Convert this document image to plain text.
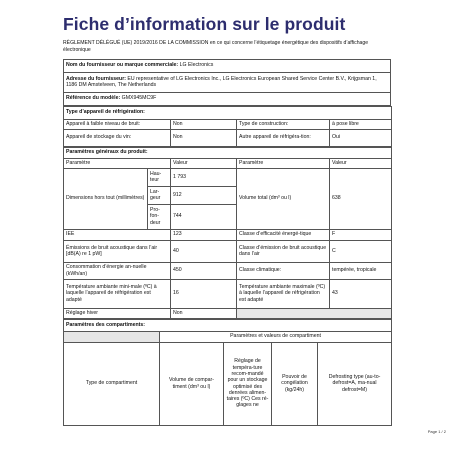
Fiche d’information sur le produit
RÈGLEMENT DÉLÉGUÉ (UE) 2019/2016 DE LA COMMISSION en ce qui concerne l’étiquetage énergétique des dispositifs d’affichage électronique
Nom du fournisseur ou marque commerciale: LG Electronics
Adresse du fournisseur: EU representative of LG Electronics Inc., LG Electronics European Shared Service Center B.V., Krijgsman 1, 1186 DM Amstelveen, The Netherlands
Référence du modèle: GMX945MC9F
Type d’appareil de réfrigération:			
Appareil à faible niveau de bruit:	Non	Type de construction:	à pose libre
Appareil de stockage du vin:	Non	Autre appareil de réfrigéra-tion:	Oui
Paramètres généraux du produit:				
Paramètre		Valeur	Paramètre	Valeur
Dimensions hors tout (millimètres)	Hau-teur	1 793	Volume total (dm³ ou l)	638
	Lar-geur	912		
	Pro-fon-deur	744		
IEE		123	Classe d’efficacité énergé-tique	F
Émissions de bruit acoustique dans l’air [dB(A) re 1 pW]		40	Classe d’émission de bruit acoustique dans l’air	C
Consommation d’énergie an-nuelle (kWh/an)		450	Classe climatique:	tempérée, tropicale
Température ambiante mini-male (ºC) à laquelle l’appareil de réfrigération est adapté		16	Température ambiante maximale (ºC) à laquelle l’appareil de réfrigération est adapté	43
Réglage hiver		Non		
Paramètres des compartiments:				
	Paramètres et valeurs de compartiment			
Type de compartiment	Volume de compar-timent (dm³ ou l)	Réglage de tempéra-ture recom-mandé pour un stockage optimisé des denrées alimen-taires (ºC) Ces ré-glages ne	Pouvoir de congélation (kg/24h)	Defrosting type (au-to-defrost=A, ma-nual defrost=M)
Page 1 / 2
